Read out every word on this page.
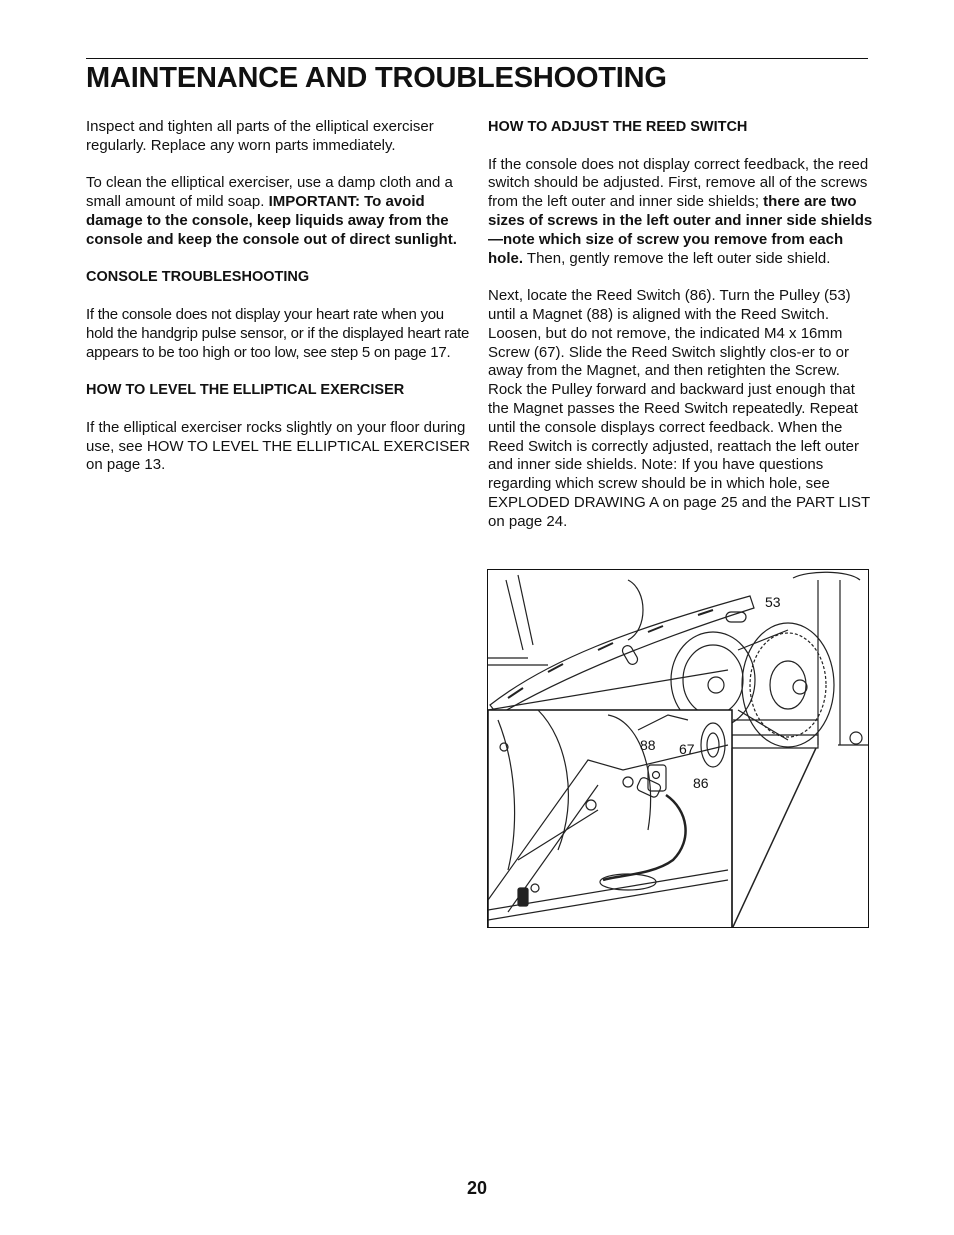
MAINTENANCE AND TROUBLESHOOTING

Inspect and tighten all parts of the elliptical exerciser regularly. Replace any worn parts immediately.

To clean the elliptical exerciser, use a damp cloth and a small amount of mild soap. IMPORTANT: To avoid damage to the console, keep liquids away from the console and keep the console out of direct sunlight.

CONSOLE TROUBLESHOOTING

If the console does not display your heart rate when you hold the handgrip pulse sensor, or if the displayed heart rate appears to be too high or too low, see step 5 on page 17.

HOW TO LEVEL THE ELLIPTICAL EXERCISER

If the elliptical exerciser rocks slightly on your floor during use, see HOW TO LEVEL THE ELLIPTICAL EXERCISER on page 13.

HOW TO ADJUST THE REED SWITCH

If the console does not display correct feedback, the reed switch should be adjusted. First, remove all of the screws from the left outer and inner side shields; there are two sizes of screws in the left outer and inner side shields—note which size of screw you remove from each hole. Then, gently remove the left outer side shield.

Next, locate the Reed Switch (86). Turn the Pulley (53) until a Magnet (88) is aligned with the Reed Switch. Loosen, but do not remove, the indicated M4 x 16mm Screw (67). Slide the Reed Switch slightly clos-er to or away from the Magnet, and then retighten the Screw. Rock the Pulley forward and backward just enough that the Magnet passes the Reed Switch repeatedly. Repeat until the console displays correct feedback. When the Reed Switch is correctly adjusted, reattach the left outer and inner side shields. Note: If you have questions regarding which screw should be in which hole, see EXPLODED DRAWING A on page 25 and the PART LIST on page 24.

53
88 67
86
20
